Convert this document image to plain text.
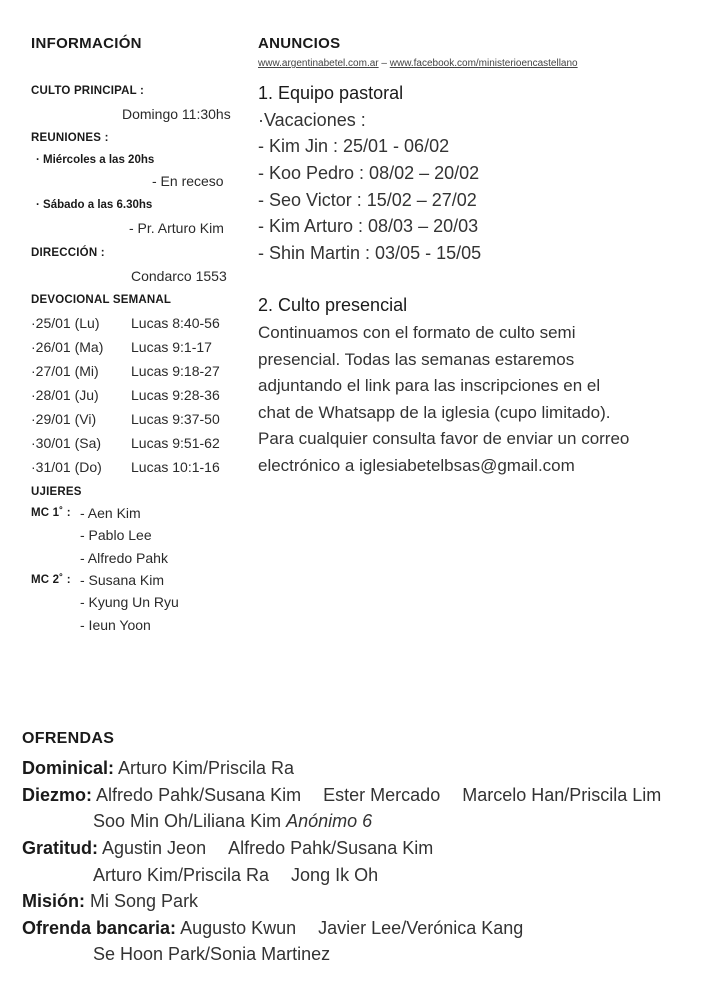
INFORMACIÓN
CULTO PRINCIPAL :
Domingo 11:30hs
REUNIONES :
· Miércoles a las 20hs
- En receso
· Sábado a las 6.30hs
- Pr. Arturo Kim
DIRECCIÓN :
Condarco 1553
DEVOCIONAL SEMANAL
·25/01 (Lu) Lucas 8:40-56
·26/01 (Ma) Lucas 9:1-17
·27/01 (Mi) Lucas 9:18-27
·28/01 (Ju) Lucas 9:28-36
·29/01 (Vi) Lucas 9:37-50
·30/01 (Sa) Lucas 9:51-62
·31/01 (Do) Lucas 10:1-16
UJIERES
MC 1˚ : - Aen Kim
- Pablo Lee
- Alfredo Pahk
MC 2˚ : - Susana Kim
- Kyung Un Ryu
- Ieun Yoon
ANUNCIOS
www.argentinabetel.com.ar – www.facebook.com/ministerioencastellano
1. Equipo pastoral
·Vacaciones :
- Kim Jin : 25/01 - 06/02
- Koo Pedro : 08/02 – 20/02
- Seo Victor : 15/02 – 27/02
- Kim Arturo : 08/03 – 20/03
- Shin Martin : 03/05 - 15/05
2. Culto presencial
Continuamos con el formato de culto semi
presencial. Todas las semanas estaremos
adjuntando el link para las inscripciones en el
chat de Whatsapp de la iglesia (cupo limitado).
Para cualquier consulta favor de enviar un correo
electrónico a iglesiabetelbsas@gmail.com
OFRENDAS
Dominical: Arturo Kim/Priscila Ra
Diezmo: Alfredo Pahk/Susana Kim Ester Mercado Marcelo Han/Priscila Lim
Soo Min Oh/Liliana Kim Anónimo 6
Gratitud: Agustin Jeon Alfredo Pahk/Susana Kim
Arturo Kim/Priscila Ra Jong Ik Oh
Misión: Mi Song Park
Ofrenda bancaria: Augusto Kwun Javier Lee/Verónica Kang
Se Hoon Park/Sonia Martinez
